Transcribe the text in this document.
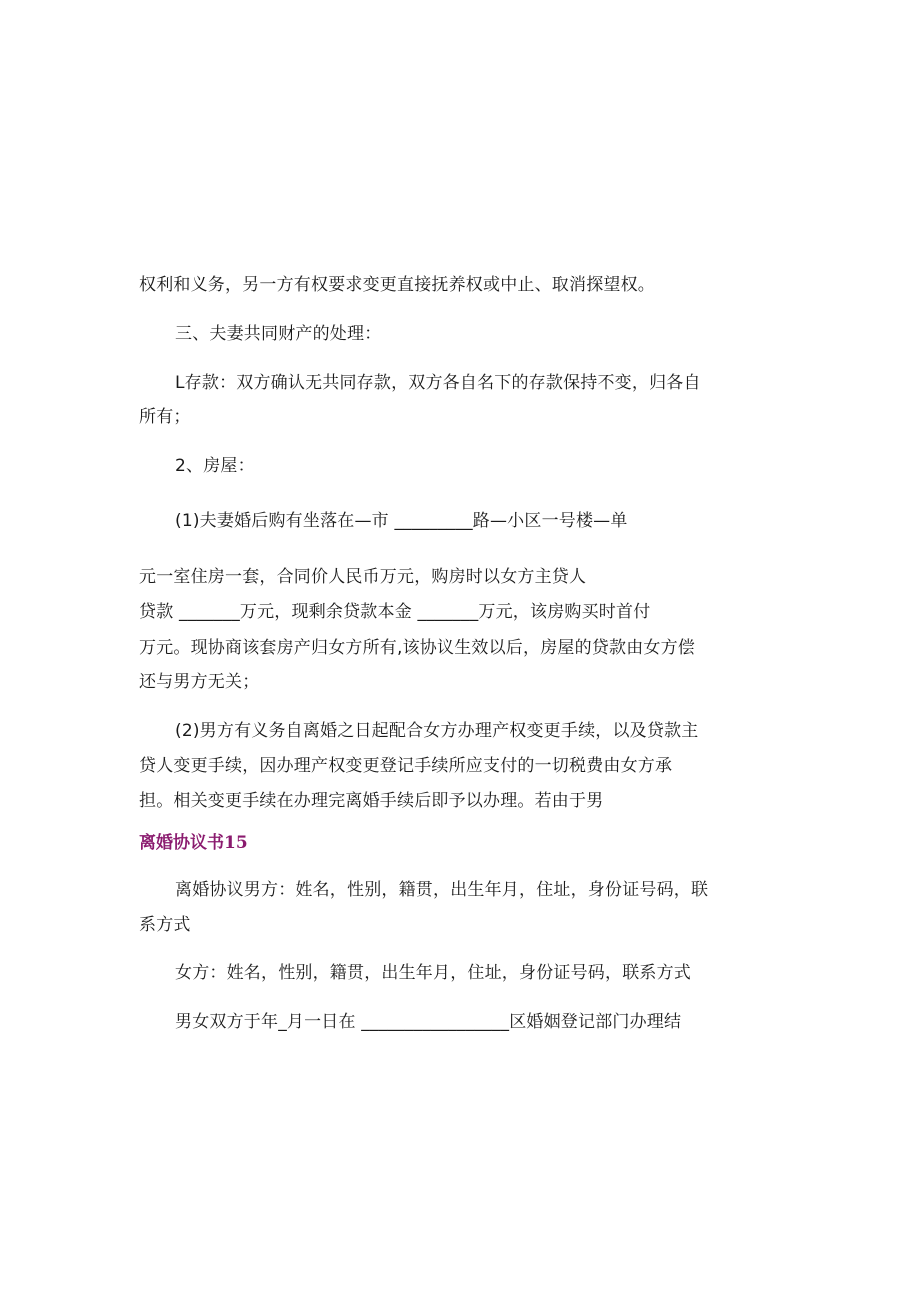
权利和义务，另一方有权要求变更直接抚养权或中止、取消探望权。
三、夫妻共同财产的处理：
L存款：双方确认无共同存款，双方各自名下的存款保持不变，归各自
所有；
2、房屋：
(1)夫妻婚后购有坐落在—市 _________路—小区一号楼—单
元一室住房一套，合同价人民币万元，购房时以女方主贷人
贷款 _______万元，现剩余贷款本金 _______万元，该房购买时首付
万元。现协商该套房产归女方所有,该协议生效以后，房屋的贷款由女方偿
还与男方无关；
(2)男方有义务自离婚之日起配合女方办理产权变更手续，以及贷款主
贷人变更手续，因办理产权变更登记手续所应支付的一切税费由女方承
担。相关变更手续在办理完离婚手续后即予以办理。若由于男
离婚协议书15
离婚协议男方：姓名，性别，籍贯，出生年月，住址，身份证号码，联
系方式
女方：姓名，性别，籍贯，出生年月，住址，身份证号码，联系方式
男女双方于年_月一日在 _________________区婚姻登记部门办理结
